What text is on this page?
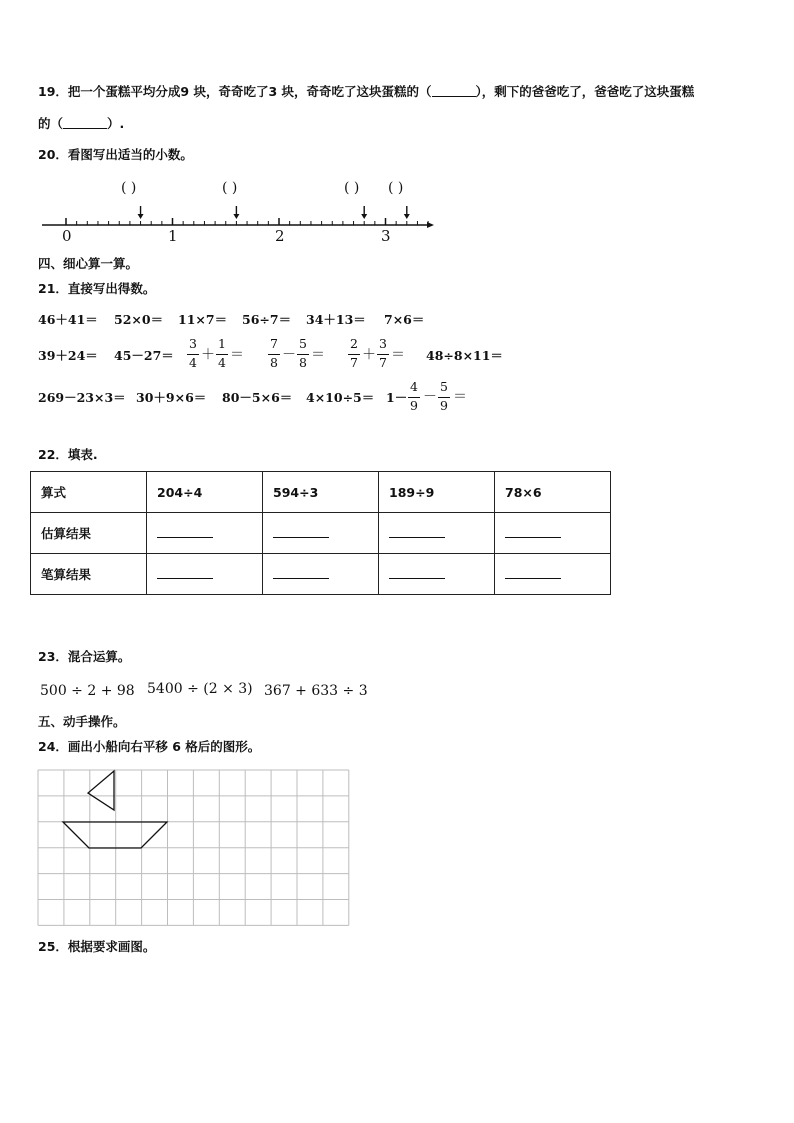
19．把一个蛋糕平均分成9 块，奇奇吃了3 块，奇奇吃了这块蛋糕的（	），剩下的爸爸吃了，爸爸吃了这块蛋糕
的（	）.
20．看图写出适当的小数。
( )	( )	( ) ( )
0	1	2	3
四、细心算一算。
21．直接写出得数。
46＋41＝ 52×0＝ 11×7＝ 56÷7＝ 34＋13＝ 7×6＝
39＋24＝ 45－27＝
3
4 ＋
1
4 ＝
7
8 －
5
8 ＝
2
7 ＋
3
7 ＝ 48÷8×11＝
269－23×3＝ 30＋9×6＝ 80－5×6＝ 4×10÷5＝ 1－
4
9
－
5
9
＝
22．填表.
算式	204÷4	594÷3	189÷9	78×6
估算结果				
笔算结果				
23．混合运算。
500 ÷ 2 + 98 5400 ÷ (2 × 3) 367 + 633 ÷ 3
五、动手操作。
24．画出小船向右平移 6 格后的图形。
25．根据要求画图。
